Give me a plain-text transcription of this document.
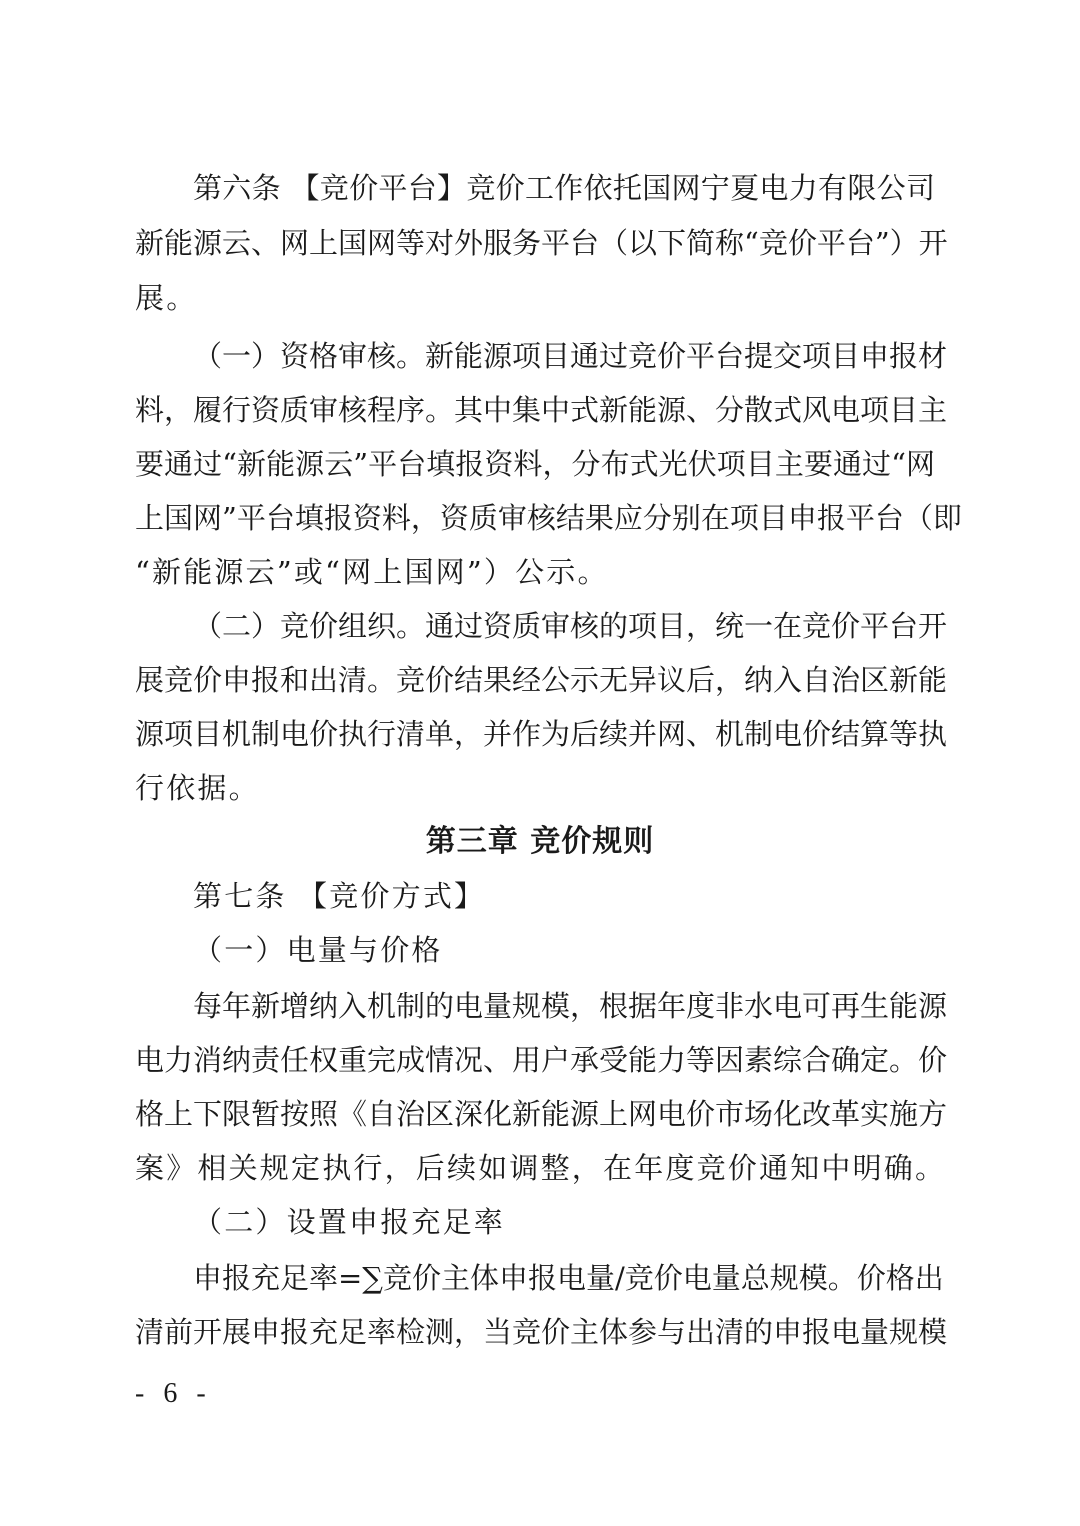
第六条 【竞价平台】竞价工作依托国网宁夏电力有限公司
新能源云、网上国网等对外服务平台（以下简称“竞价平台”）开
展。
（一）资格审核。新能源项目通过竞价平台提交项目申报材
料，履行资质审核程序。其中集中式新能源、分散式风电项目主
要通过“新能源云”平台填报资料，分布式光伏项目主要通过“网
上国网”平台填报资料，资质审核结果应分别在项目申报平台（即
“新能源云”或“网上国网”）公示。
（二）竞价组织。通过资质审核的项目，统一在竞价平台开
展竞价申报和出清。竞价结果经公示无异议后，纳入自治区新能
源项目机制电价执行清单，并作为后续并网、机制电价结算等执
行依据。
第三章 竞价规则
第七条 【竞价方式】
（一）电量与价格
每年新增纳入机制的电量规模，根据年度非水电可再生能源
电力消纳责任权重完成情况、用户承受能力等因素综合确定。价
格上下限暂按照《自治区深化新能源上网电价市场化改革实施方
案》相关规定执行，后续如调整，在年度竞价通知中明确。
（二）设置申报充足率
申报充足率=∑竞价主体申报电量/竞价电量总规模。价格出
清前开展申报充足率检测，当竞价主体参与出清的申报电量规模
- 6 -
